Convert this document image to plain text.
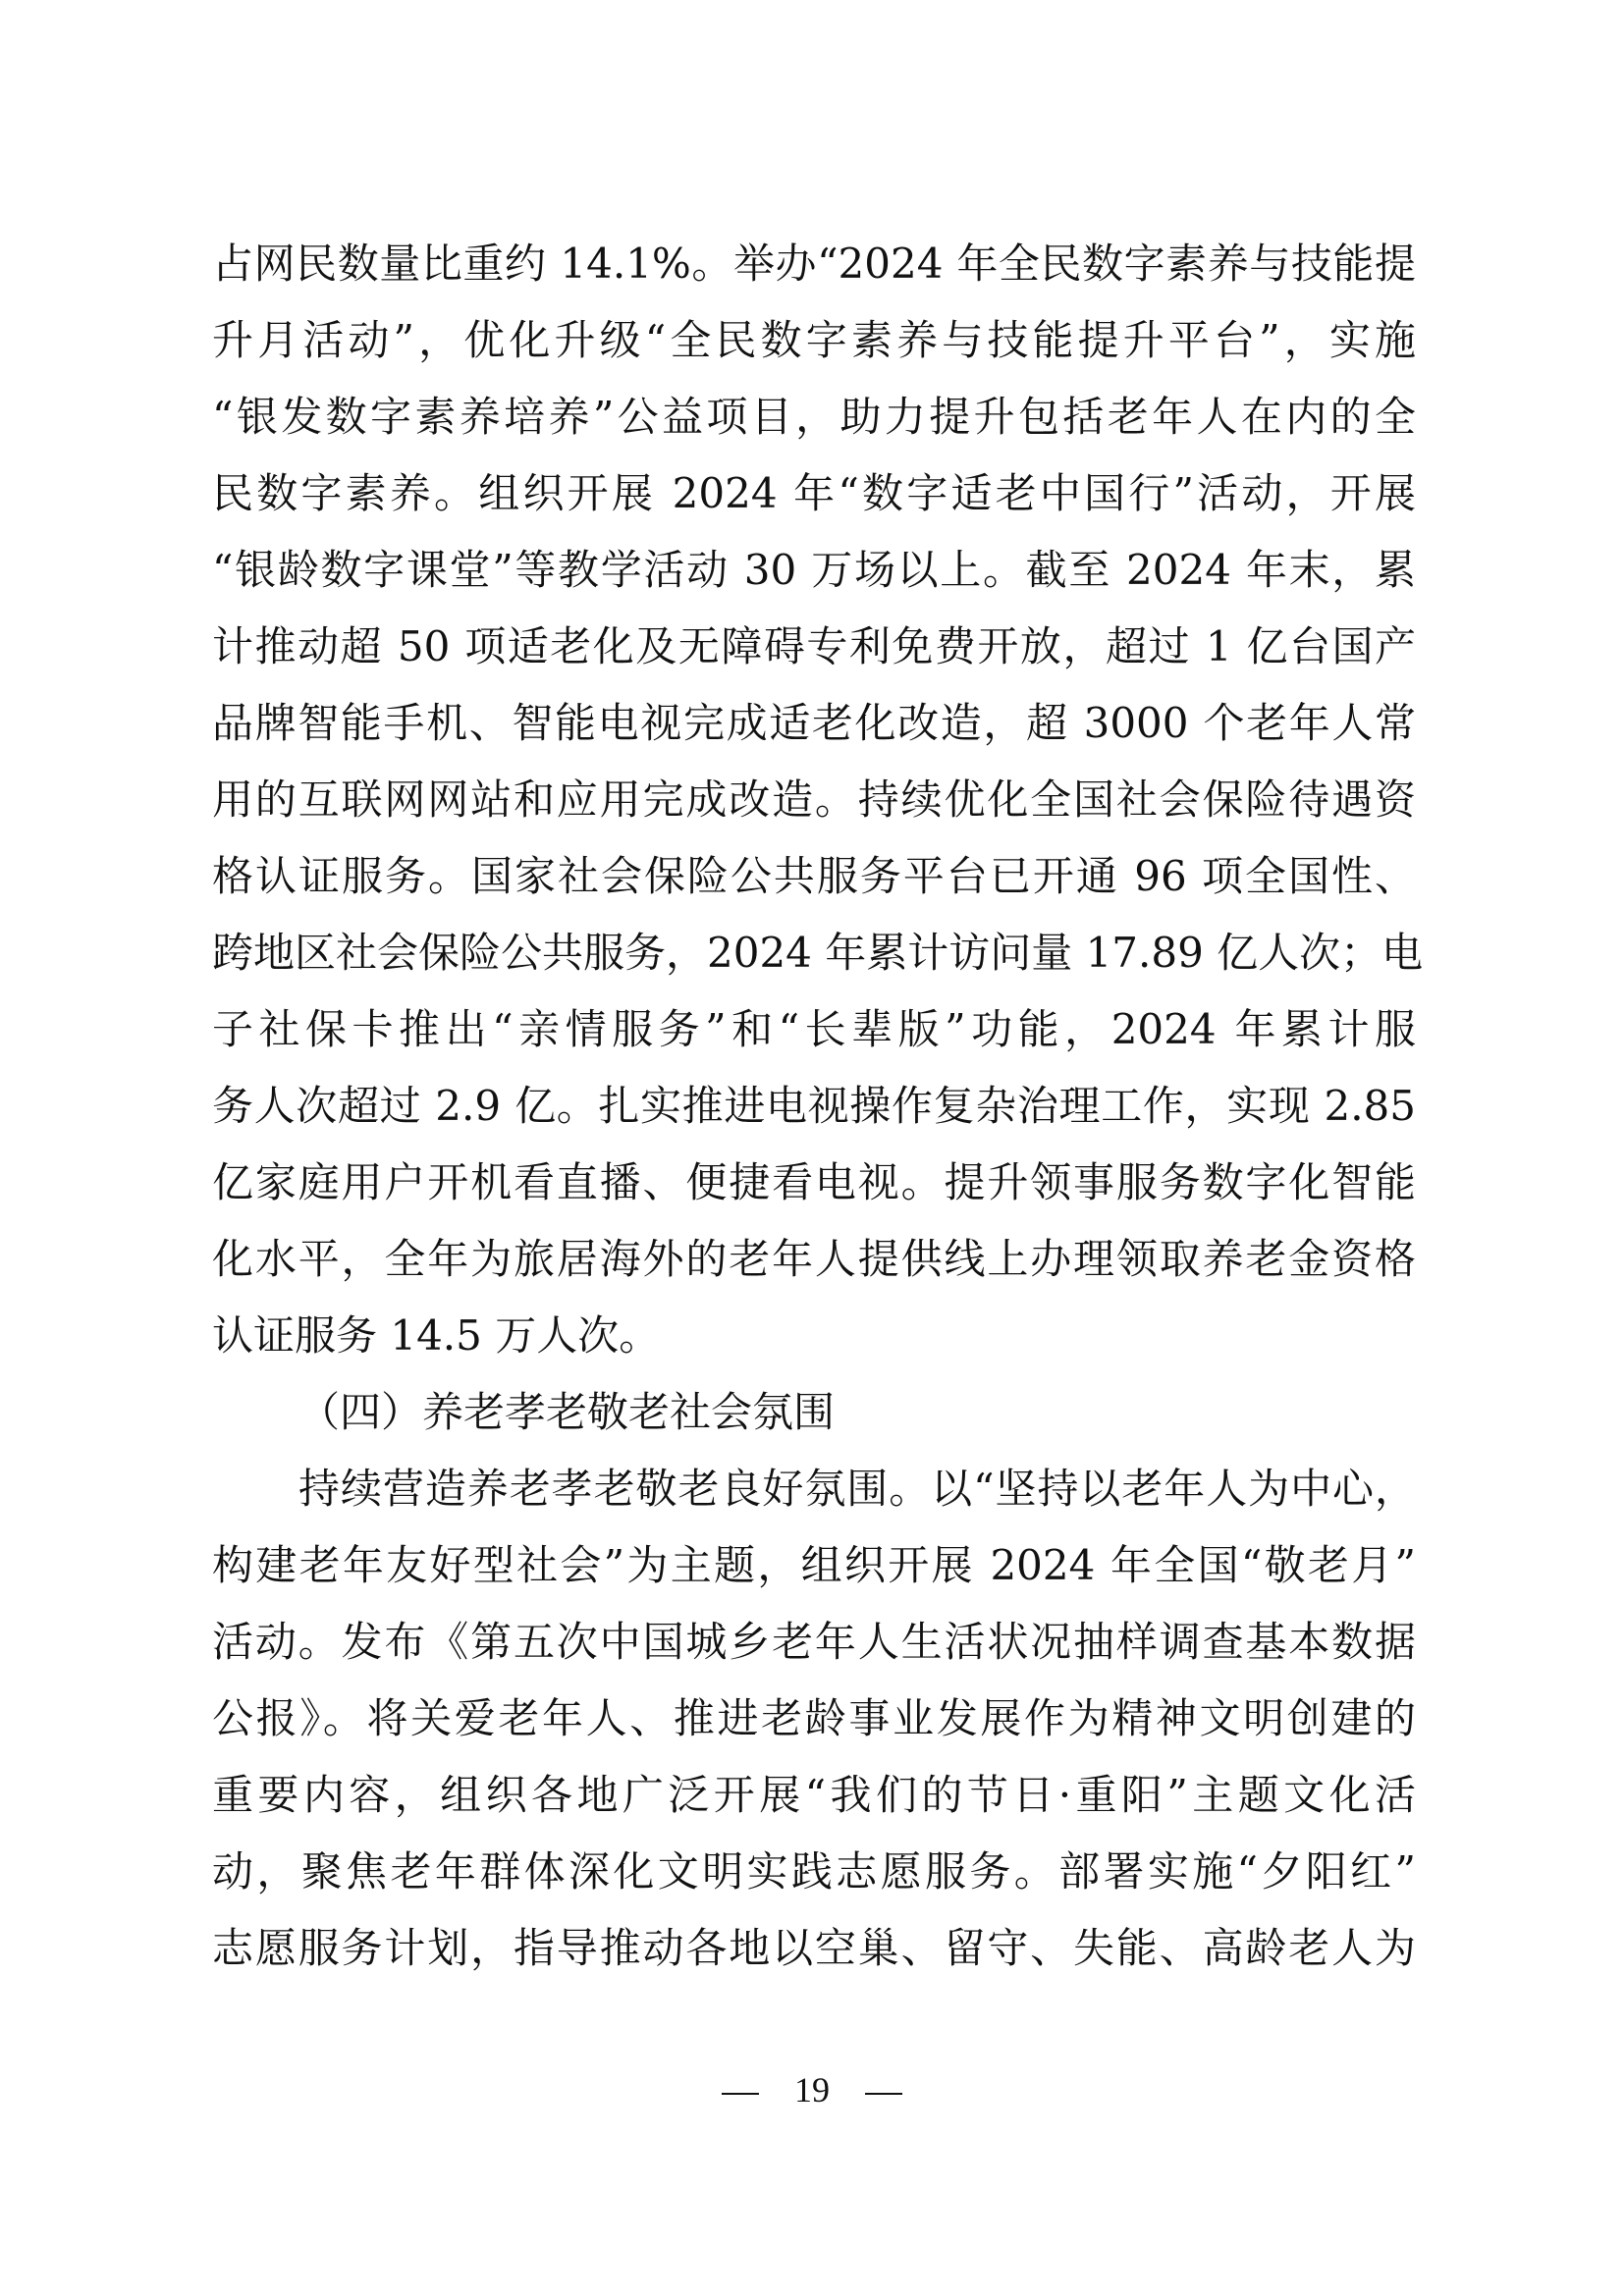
占网民数量比重约 14.1%。举办“2024 年全民数字素养与技能提
升月活动”，优化升级“全民数字素养与技能提升平台”，实施
“银发数字素养培养”公益项目，助力提升包括老年人在内的全
民数字素养。组织开展 2024 年“数字适老中国行”活动，开展
“银龄数字课堂”等教学活动 30 万场以上。截至 2024 年末，累
计推动超 50 项适老化及无障碍专利免费开放，超过 1 亿台国产
品牌智能手机、智能电视完成适老化改造，超 3000 个老年人常
用的互联网网站和应用完成改造。持续优化全国社会保险待遇资
格认证服务。国家社会保险公共服务平台已开通 96 项全国性、
跨地区社会保险公共服务，2024 年累计访问量 17.89 亿人次；电
子社保卡推出“亲情服务”和“长辈版”功能，2024 年累计服
务人次超过 2.9 亿。扎实推进电视操作复杂治理工作，实现 2.85
亿家庭用户开机看直播、便捷看电视。提升领事服务数字化智能
化水平，全年为旅居海外的老年人提供线上办理领取养老金资格
认证服务 14.5 万人次。
（四）养老孝老敬老社会氛围
持续营造养老孝老敬老良好氛围。以“坚持以老年人为中心，
构建老年友好型社会”为主题，组织开展 2024 年全国“敬老月”
活动。发布《第五次中国城乡老年人生活状况抽样调查基本数据
公报》。将关爱老年人、推进老龄事业发展作为精神文明创建的
重要内容，组织各地广泛开展“我们的节日·重阳”主题文化活
动，聚焦老年群体深化文明实践志愿服务。部署实施“夕阳红”
志愿服务计划，指导推动各地以空巢、留守、失能、高龄老人为
19
